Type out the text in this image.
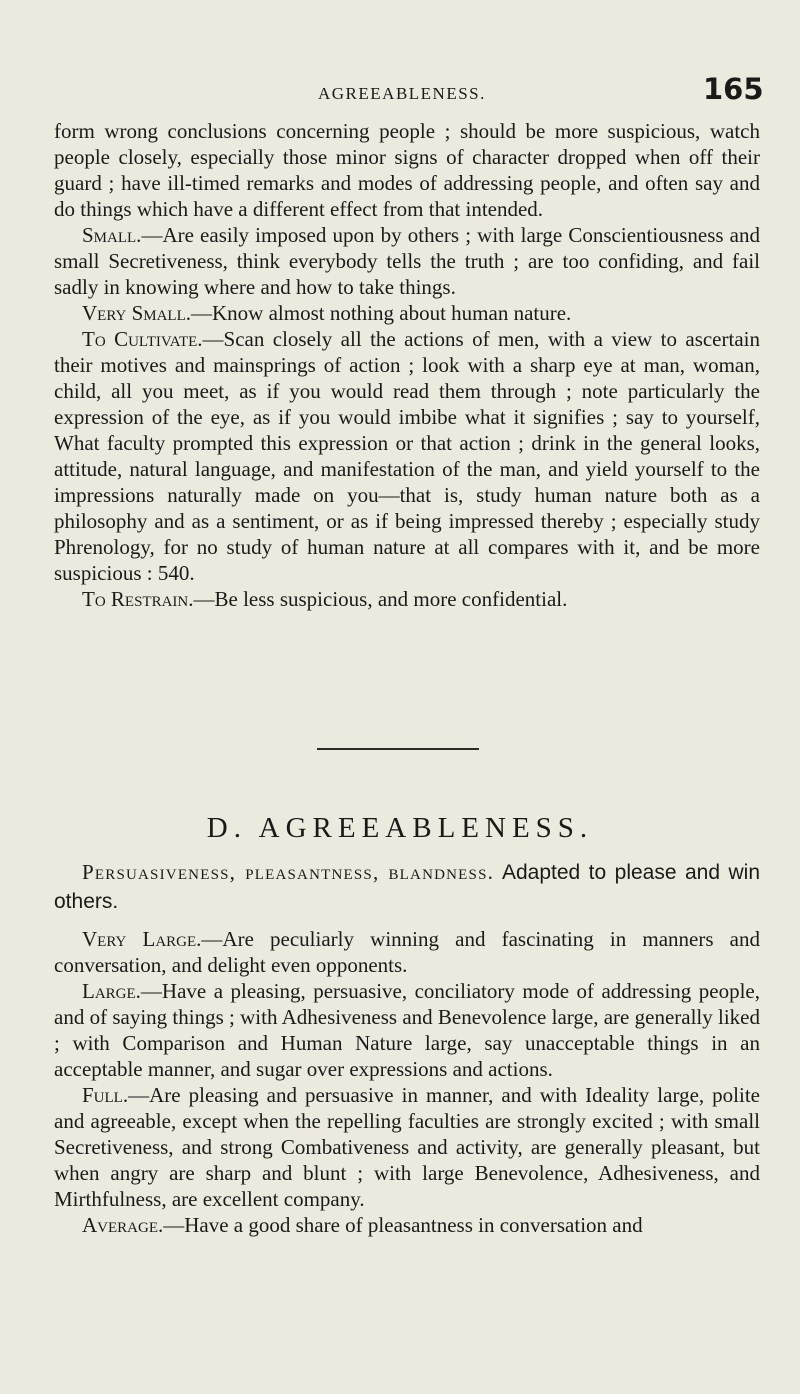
AGREEABLENESS.	165

form wrong conclusions concerning people ; should be more suspicious, watch people closely, especially those minor signs of character dropped when off their guard ; have ill-timed remarks and modes of addressing people, and often say and do things which have a different effect from that intended.

Small.—Are easily imposed upon by others ; with large Conscientiousness and small Secretiveness, think everybody tells the truth ; are too confiding, and fail sadly in knowing where and how to take things.

Very Small.—Know almost nothing about human nature.

To Cultivate.—Scan closely all the actions of men, with a view to ascertain their motives and mainsprings of action ; look with a sharp eye at man, woman, child, all you meet, as if you would read them through ; note particularly the expression of the eye, as if you would imbibe what it signifies ; say to yourself, What faculty prompted this expression or that action ; drink in the general looks, attitude, natural language, and manifestation of the man, and yield yourself to the impressions naturally made on you—that is, study human nature both as a philosophy and as a sentiment, or as if being impressed thereby ; especially study Phrenology, for no study of human nature at all compares with it, and be more suspicious : 540.

To Restrain.—Be less suspicious, and more confidential.

D. AGREEABLENESS.

Persuasiveness, pleasantness, blandness. Adapted to please and win others.

Very Large.—Are peculiarly winning and fascinating in manners and conversation, and delight even opponents.

Large.—Have a pleasing, persuasive, conciliatory mode of addressing people, and of saying things ; with Adhesiveness and Benevolence large, are generally liked ; with Comparison and Human Nature large, say unacceptable things in an acceptable manner, and sugar over expressions and actions.

Full.—Are pleasing and persuasive in manner, and with Ideality large, polite and agreeable, except when the repelling faculties are strongly excited ; with small Secretiveness, and strong Combativeness and activity, are generally pleasant, but when angry are sharp and blunt ; with large Benevolence, Adhesiveness, and Mirthfulness, are excellent company.

Average.—Have a good share of pleasantness in conversation and
